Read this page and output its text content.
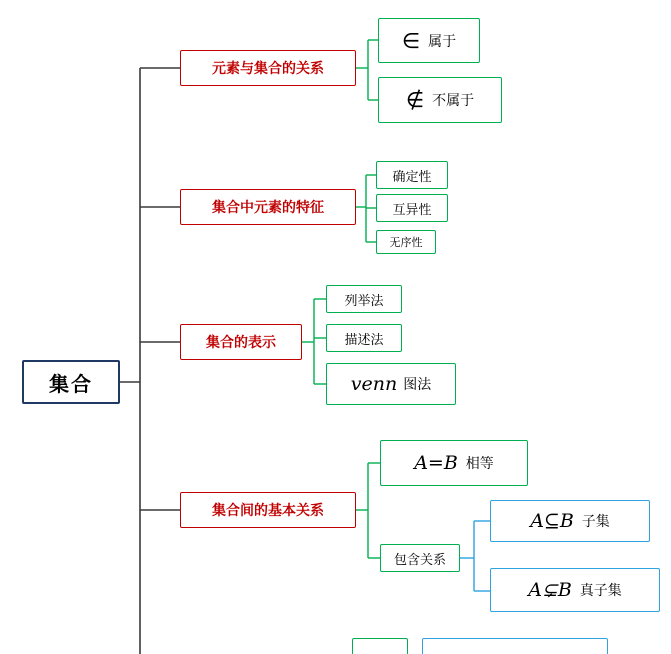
集合
元素与集合的关系
∈ 属于
∉ 不属于
集合中元素的特征
确定性
互异性
无序性
集合的表示
列举法
描述法
venn 图法
集合间的基本关系
A=B 相等
包含关系
A⊆B 子集
A⊊B 真子集
